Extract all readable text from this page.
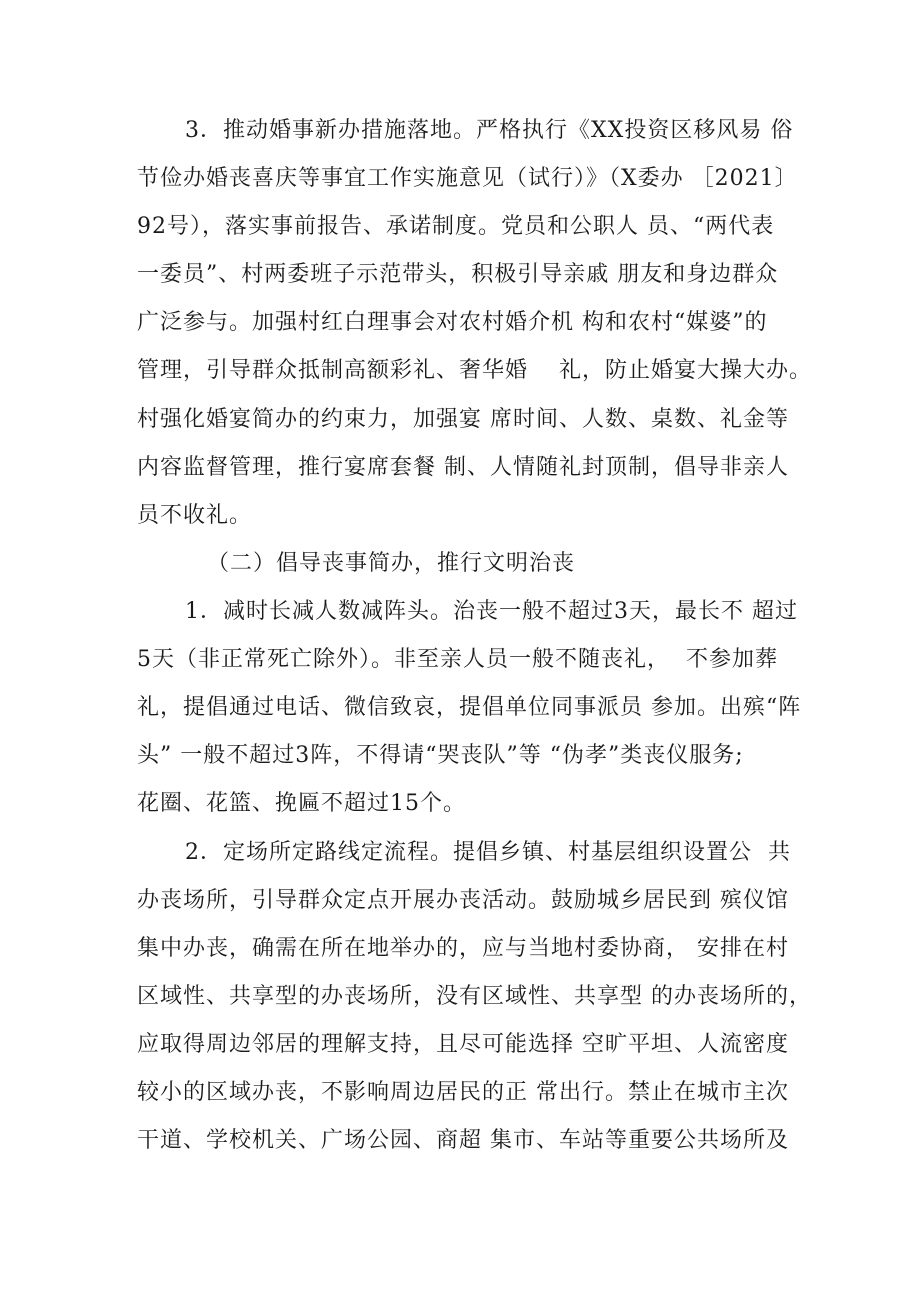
3．推动婚事新办措施落地。严格执行《XX投资区移风易 俗
节俭办婚丧喜庆等事宜工作实施意见（试行）》（X委办 ［2021〕
92号），落实事前报告、承诺制度。党员和公职人 员、“两代表
一委员”、村两委班子示范带头，积极引导亲戚 朋友和身边群众
广泛参与。加强村红白理事会对农村婚介机 构和农村“媒婆”的
管理，引导群众抵制高额彩礼、奢华婚　 礼，防止婚宴大操大办。
村强化婚宴简办的约束力，加强宴 席时间、人数、桌数、礼金等
内容监督管理，推行宴席套餐 制、人情随礼封顶制，倡导非亲人
员不收礼。
（二）倡导丧事简办，推行文明治丧
1．减时长减人数减阵头。治丧一般不超过3天，最长不 超过
5天（非正常死亡除外）。非至亲人员一般不随丧礼，  不参加葬
礼，提倡通过电话、微信致哀，提倡单位同事派员 参加。出殡“阵
头” 一般不超过3阵，不得请“哭丧队”等 “伪孝”类丧仪服务;
花圈、花篮、挽匾不超过15个。
2．定场所定路线定流程。提倡乡镇、村基层组织设置公  共
办丧场所，引导群众定点开展办丧活动。鼓励城乡居民到 殡仪馆
集中办丧，确需在所在地举办的，应与当地村委协商， 安排在村
区域性、共享型的办丧场所，没有区域性、共享型 的办丧场所的，
应取得周边邻居的理解支持，且尽可能选择 空旷平坦、人流密度
较小的区域办丧，不影响周边居民的正 常出行。禁止在城市主次
干道、学校机关、广场公园、商超 集市、车站等重要公共场所及
